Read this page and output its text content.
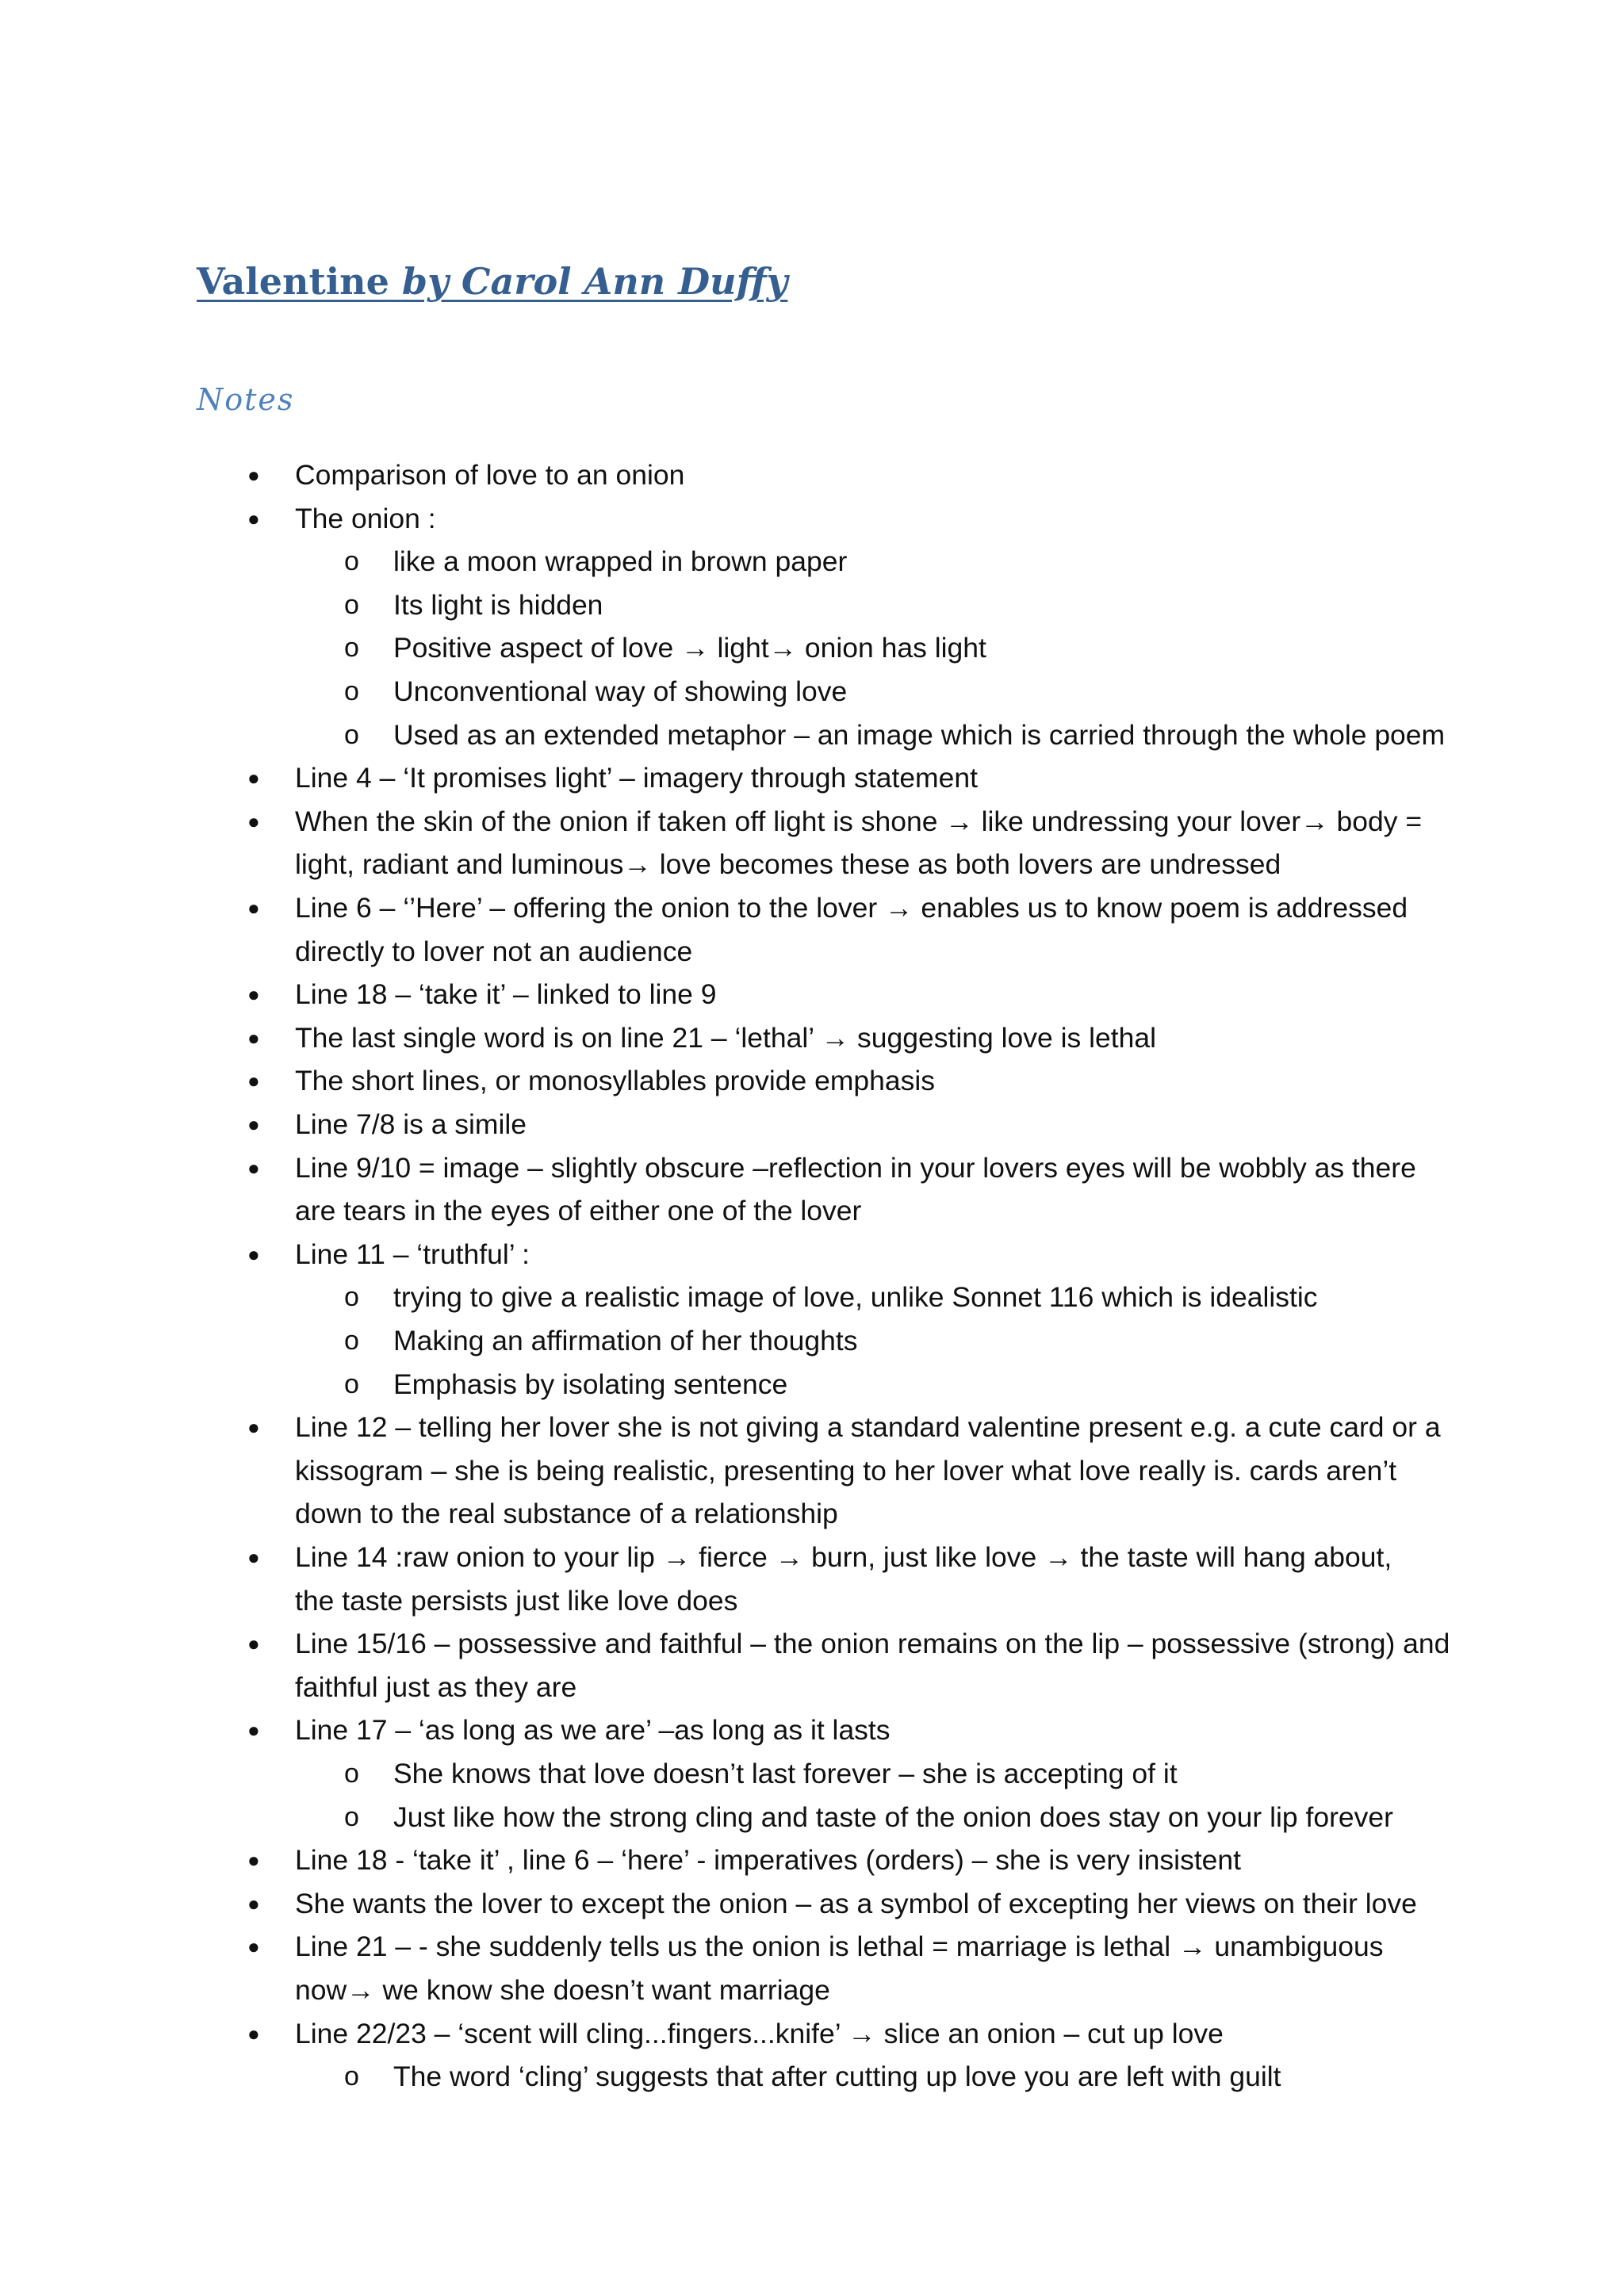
Valentine by Carol Ann Duffy
Notes
● Comparison of love to an onion
● The onion :
o like a moon wrapped in brown paper
o Its light is hidden
o Positive aspect of love → light→ onion has light
o Unconventional way of showing love
o Used as an extended metaphor – an image which is carried through the whole poem
● Line 4 – ‘It promises light’ – imagery through statement
● When the skin of the onion if taken off light is shone → like undressing your lover→ body =
light, radiant and luminous→ love becomes these as both lovers are undressed
● Line 6 – ‘’Here’ – offering the onion to the lover → enables us to know poem is addressed
directly to lover not an audience
● Line 18 – ‘take it’ – linked to line 9
● The last single word is on line 21 – ‘lethal’ → suggesting love is lethal
● The short lines, or monosyllables provide emphasis
● Line 7/8 is a simile
● Line 9/10 = image – slightly obscure –reflection in your lovers eyes will be wobbly as there
are tears in the eyes of either one of the lover
● Line 11 – ‘truthful’ :
o trying to give a realistic image of love, unlike Sonnet 116 which is idealistic
o Making an affirmation of her thoughts
o Emphasis by isolating sentence
● Line 12 – telling her lover she is not giving a standard valentine present e.g. a cute card or a
kissogram – she is being realistic, presenting to her lover what love really is. cards aren’t
down to the real substance of a relationship
● Line 14 :raw onion to your lip → fierce → burn, just like love → the taste will hang about,
the taste persists just like love does
● Line 15/16 – possessive and faithful – the onion remains on the lip – possessive (strong) and
faithful just as they are
● Line 17 – ‘as long as we are’ –as long as it lasts
o She knows that love doesn’t last forever – she is accepting of it
o Just like how the strong cling and taste of the onion does stay on your lip forever
● Line 18 - ‘take it’ , line 6 – ‘here’ - imperatives (orders) – she is very insistent
● She wants the lover to except the onion – as a symbol of excepting her views on their love
● Line 21 – - she suddenly tells us the onion is lethal = marriage is lethal → unambiguous
now→ we know she doesn’t want marriage
● Line 22/23 – ‘scent will cling...fingers...knife’ → slice an onion – cut up love
o The word ‘cling’ suggests that after cutting up love you are left with guilt
